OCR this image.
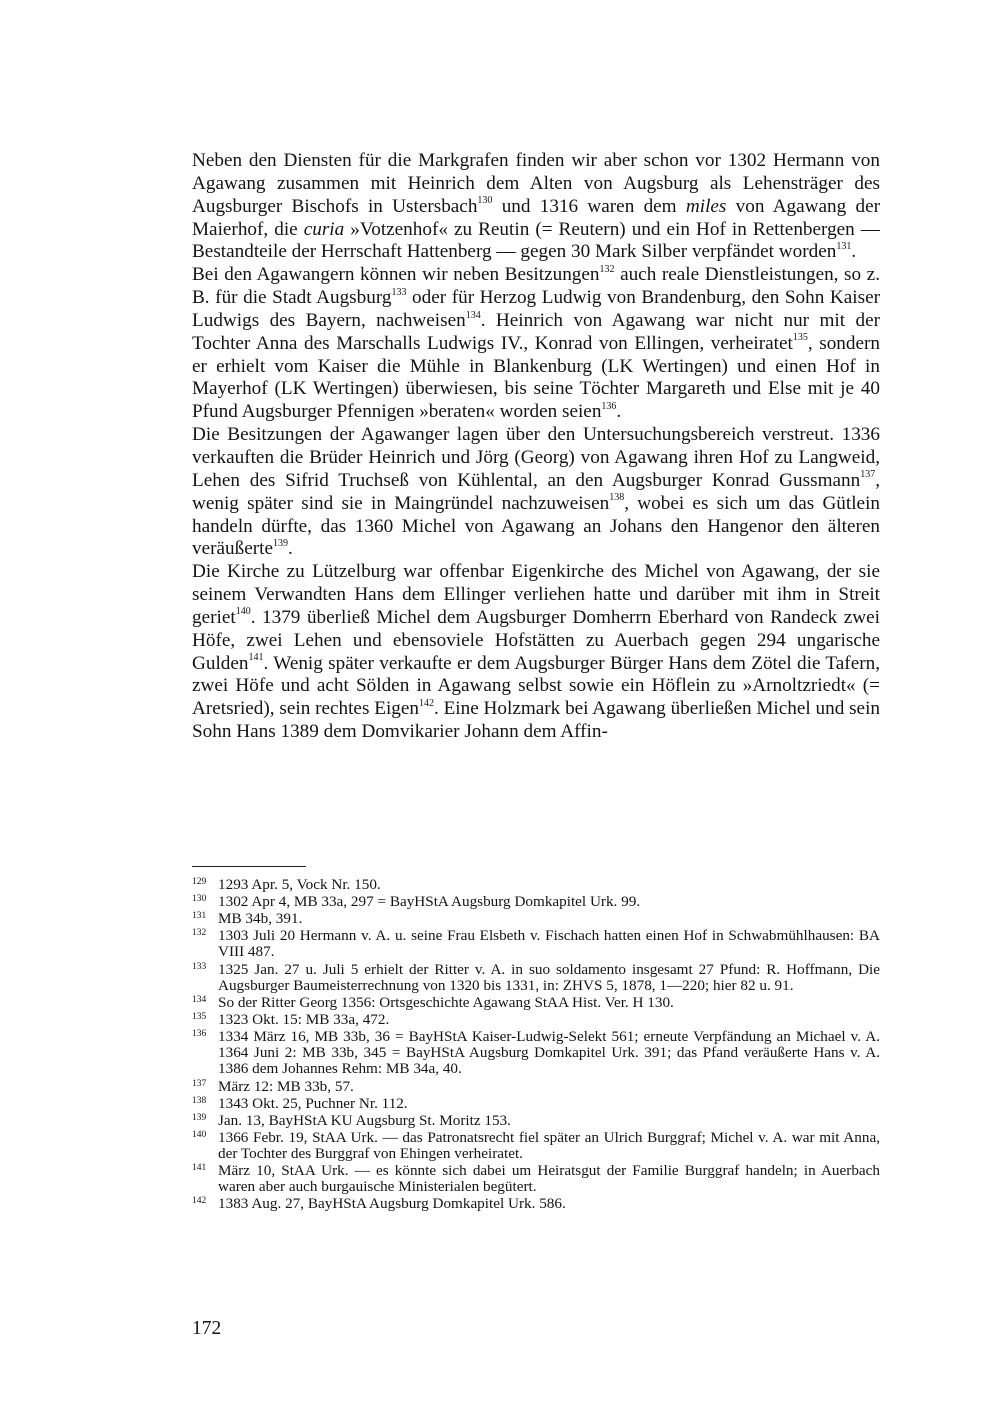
Neben den Diensten für die Markgrafen finden wir aber schon vor 1302 Hermann von Agawang zusammen mit Heinrich dem Alten von Augsburg als Lehensträger des Augsburger Bischofs in Ustersbach$^{130}$ und 1316 waren dem miles von Agawang der Maierhof, die curia »Votzenhof« zu Reutin (= Reutern) und ein Hof in Rettenbergen — Bestandteile der Herrschaft Hattenberg — gegen 30 Mark Silber verpfändet worden$^{131}$.

Bei den Agawangern können wir neben Besitzungen$^{132}$ auch reale Dienstleistungen, so z. B. für die Stadt Augsburg$^{133}$ oder für Herzog Ludwig von Brandenburg, den Sohn Kaiser Ludwigs des Bayern, nachweisen$^{134}$. Heinrich von Agawang war nicht nur mit der Tochter Anna des Marschalls Ludwigs IV., Konrad von Ellingen, verheiratet$^{135}$, sondern er erhielt vom Kaiser die Mühle in Blankenburg (LK Wertingen) und einen Hof in Mayerhof (LK Wertingen) überwiesen, bis seine Töchter Margareth und Else mit je 40 Pfund Augsburger Pfennigen »beraten« worden seien$^{136}$.

Die Besitzungen der Agawanger lagen über den Untersuchungsbereich verstreut. 1336 verkauften die Brüder Heinrich und Jörg (Georg) von Agawang ihren Hof zu Langweid, Lehen des Sifrid Truchseß von Kühlental, an den Augsburger Konrad Gussmann$^{137}$, wenig später sind sie in Maingründel nachzuweisen$^{138}$, wobei es sich um das Gütlein handeln dürfte, das 1360 Michel von Agawang an Johans den Hangenor den älteren veräußerte$^{139}$.

Die Kirche zu Lützelburg war offenbar Eigenkirche des Michel von Agawang, der sie seinem Verwandten Hans dem Ellinger verliehen hatte und darüber mit ihm in Streit geriet$^{140}$. 1379 überließ Michel dem Augsburger Domherrn Eberhard von Randeck zwei Höfe, zwei Lehen und ebensoviele Hofstätten zu Auerbach gegen 294 ungarische Gulden$^{141}$. Wenig später verkaufte er dem Augsburger Bürger Hans dem Zötel die Tafern, zwei Höfe und acht Sölden in Agawang selbst sowie ein Höflein zu »Arnoltzriedt« (= Aretsried), sein rechtes Eigen$^{142}$. Eine Holzmark bei Agawang überließen Michel und sein Sohn Hans 1389 dem Domvikarier Johann dem Affin-

129 1293 Apr. 5, Vock Nr. 150.
130 1302 Apr 4, MB 33a, 297 = BayHStA Augsburg Domkapitel Urk. 99.
131 MB 34b, 391.
132 1303 Juli 20 Hermann v. A. u. seine Frau Elsbeth v. Fischach hatten einen Hof in Schwabmühlhausen: BA VIII 487.
133 1325 Jan. 27 u. Juli 5 erhielt der Ritter v. A. in suo soldamento insgesamt 27 Pfund: R. Hoffmann, Die Augsburger Baumeisterrechnung von 1320 bis 1331, in: ZHVS 5, 1878, 1—220; hier 82 u. 91.
134 So der Ritter Georg 1356: Ortsgeschichte Agawang StAA Hist. Ver. H 130.
135 1323 Okt. 15: MB 33a, 472.
136 1334 März 16, MB 33b, 36 = BayHStA Kaiser-Ludwig-Selekt 561; erneute Verpfändung an Michael v. A. 1364 Juni 2: MB 33b, 345 = BayHStA Augsburg Domkapitel Urk. 391; das Pfand veräußerte Hans v. A. 1386 dem Johannes Rehm: MB 34a, 40.
137 März 12: MB 33b, 57.
138 1343 Okt. 25, Puchner Nr. 112.
139 Jan. 13, BayHStA KU Augsburg St. Moritz 153.
140 1366 Febr. 19, StAA Urk. — das Patronatsrecht fiel später an Ulrich Burggraf; Michel v. A. war mit Anna, der Tochter des Burggraf von Ehingen verheiratet.
141 März 10, StAA Urk. — es könnte sich dabei um Heiratsgut der Familie Burggraf handeln; in Auerbach waren aber auch burgauische Ministerialen begütert.
142 1383 Aug. 27, BayHStA Augsburg Domkapitel Urk. 586.
172
